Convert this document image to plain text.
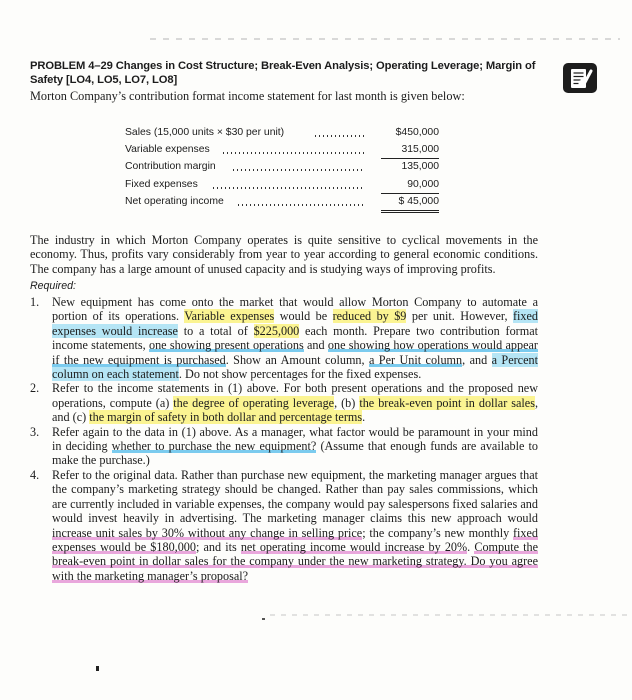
PROBLEM 4–29 Changes in Cost Structure; Break-Even Analysis; Operating Leverage; Margin of Safety [LO4, LO5, LO7, LO8]
Morton Company’s contribution format income statement for last month is given below:
Sales (15,000 units × $30 per unit)	$450,000
Variable expenses	315,000
Contribution margin	135,000
Fixed expenses	90,000
Net operating income	$ 45,000
The industry in which Morton Company operates is quite sensitive to cyclical movements in the economy. Thus, profits vary considerably from year to year according to general economic conditions. The company has a large amount of unused capacity and is studying ways of improving profits.
Required:
1. New equipment has come onto the market that would allow Morton Company to automate a portion of its operations. Variable expenses would be reduced by $9 per unit. However, fixed expenses would increase to a total of $225,000 each month. Prepare two contribution format income statements, one showing present operations and one showing how operations would appear if the new equipment is purchased. Show an Amount column, a Per Unit column, and a Percent column on each statement. Do not show percentages for the fixed expenses.

2. Refer to the income statements in (1) above. For both present operations and the proposed new operations, compute (a) the degree of operating leverage, (b) the break-even point in dollar sales, and (c) the margin of safety in both dollar and percentage terms.

3. Refer again to the data in (1) above. As a manager, what factor would be paramount in your mind in deciding whether to purchase the new equipment? (Assume that enough funds are available to make the purchase.)

4. Refer to the original data. Rather than purchase new equipment, the marketing manager argues that the company’s marketing strategy should be changed. Rather than pay sales commissions, which are currently included in variable expenses, the company would pay salespersons fixed salaries and would invest heavily in advertising. The marketing manager claims this new approach would increase unit sales by 30% without any change in selling price; the company’s new monthly fixed expenses would be $180,000; and its net operating income would increase by 20%. Compute the break-even point in dollar sales for the company under the new marketing strategy. Do you agree with the marketing manager’s proposal?
